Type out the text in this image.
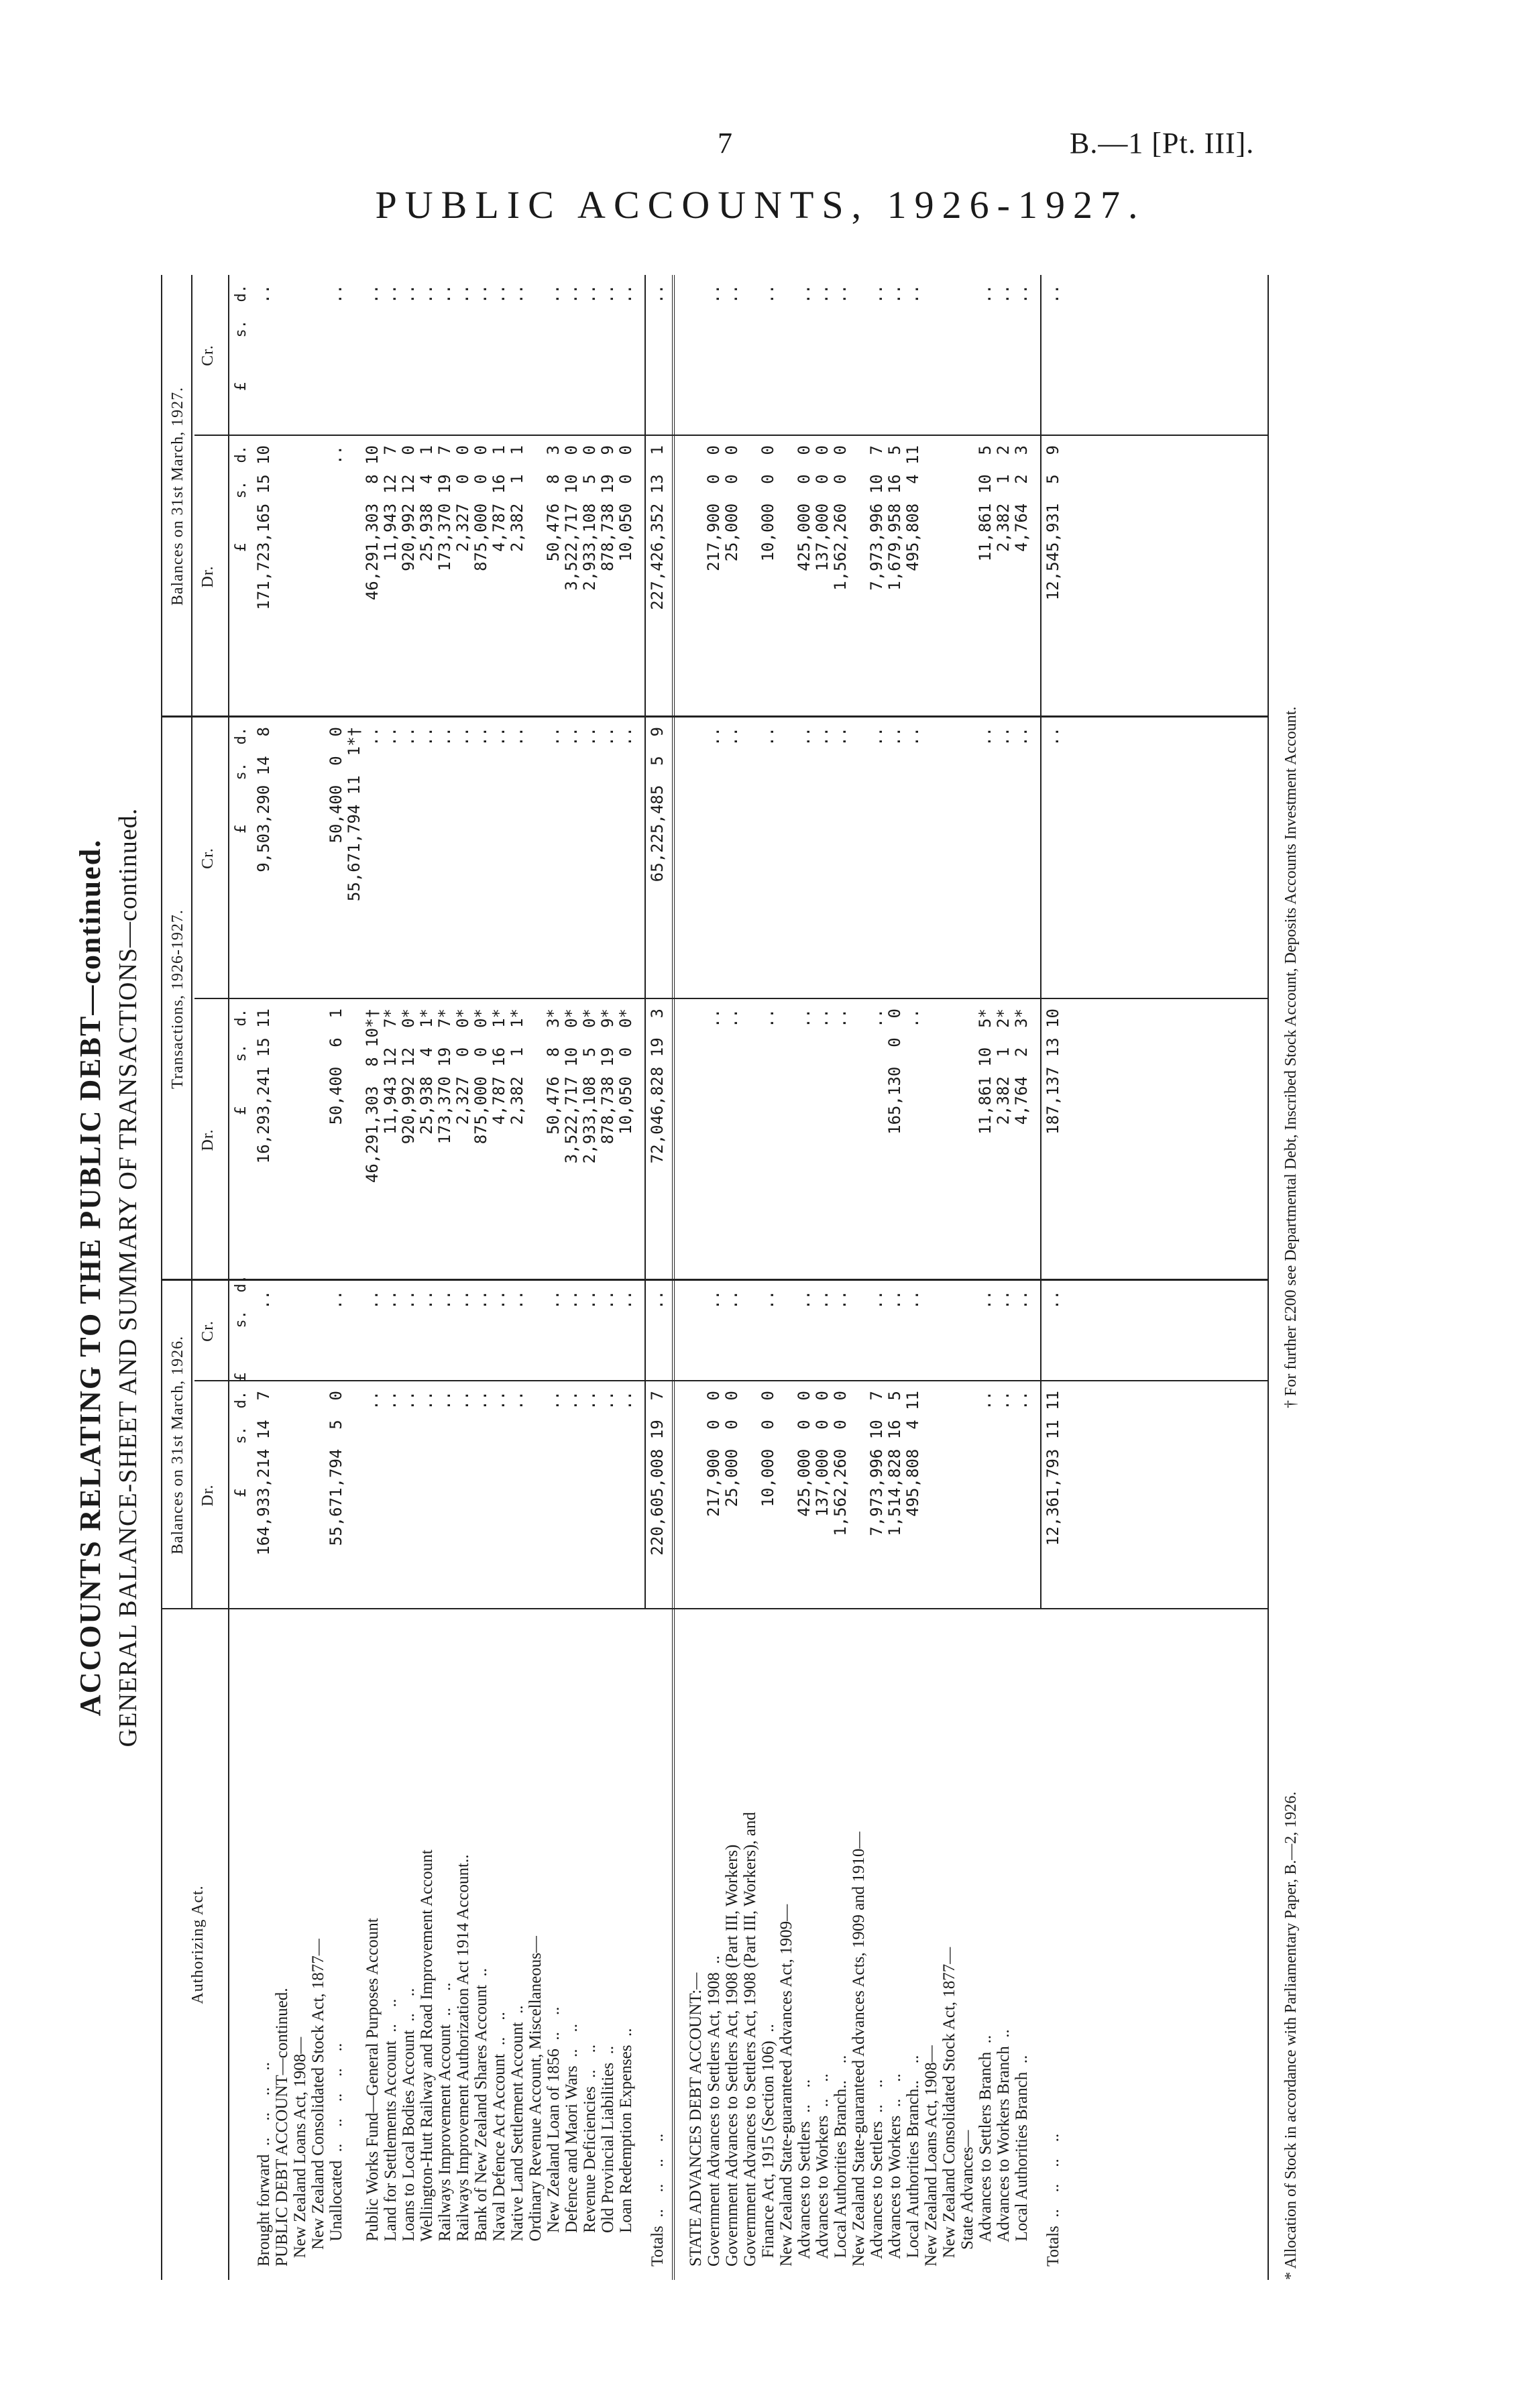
7	B.—1 [Pt. III].
PUBLIC ACCOUNTS, 1926-1927.
ACCOUNTS RELATING TO THE PUBLIC DEBT—continued. GENERAL BALANCE-SHEET AND SUMMARY OF TRANSACTIONS—continued.
Authorizing Act.
Balances on 31st March, 1926.
Transactions, 1926-1927.
Balances on 31st March, 1927.
Dr.
Cr.
Dr.
Cr.
Dr.
Cr.
£     s.  d.
£     s.  d.
£     s.  d.
£     s.  d.
£     s.  d.
£     s.  d.
Brought forward  ..    ..    ..    ..
164,933,214 14  7
..
16,293,241 15 11
9,503,290 14  8
171,723,165 15 10
..
PUBLIC DEBT ACCOUNT—continued. New Zealand Loans Act, 1908— New Zealand Consolidated Stock Act, 1877— Unallocated  ..    ..    ..    ..    ..
55,671,794  5  0
..
50,400  6  1
50,400  0  0
..
..
55,671,794 11  1*†
Public Works Fund—General Purposes Account
..
..
46,291,303  8 10*†
..
46,291,303  8 10
..
Land for Settlements Account  ..    ..
..
..
11,943 12  7*
..
11,943 12  7
..
Loans to Local Bodies Account  ..    ..
..
..
920,992 12  0*
..
920,992 12  0
..
Wellington-Hutt Railway and Road Improvement Account
..
..
25,938  4  1*
..
25,938  4  1
..
Railways Improvement Account  ..    ..
..
..
173,370 19  7*
..
173,370 19  7
..
Railways Improvement Authorization Act 1914 Account..
..
..
2,327  0  0*
..
2,327  0  0
..
Bank of New Zealand Shares Account  ..
..
..
875,000  0  0*
..
875,000  0  0
..
Naval Defence Act Account  ..    ..
..
..
4,787 16  1*
..
4,787 16  1
..
Native Land Settlement Account  ..
..
..
2,382  1  1*
..
2,382  1  1
..
Ordinary Revenue Account, Miscellaneous— New Zealand Loan of 1856  ..    ..
..
..
50,476  8  3*
..
50,476  8  3
..
Defence and Maori Wars  ..    ..
..
..
3,522,717 10  0*
..
3,522,717 10  0
..
Revenue Deficiencies  ..    ..
..
..
2,933,108  5  0*
..
2,933,108  5  0
..
Old Provincial Liabilities  ..
..
..
878,738 19  9*
..
878,738 19  9
..
Loan Redemption Expenses  ..
..
..
10,050  0  0*
..
10,050  0  0
..
Totals  ..    ..    ..    ..
220,605,008 19  7
..
72,046,828 19  3
65,225,485  5  9
227,426,352 13  1
..
STATE ADVANCES DEBT ACCOUNT:— Government Advances to Settlers Act, 1908  ..
217,900  0  0
..
..
..
217,900  0  0
..
Government Advances to Settlers Act, 1908 (Part III, Workers)
25,000  0  0
..
..
..
25,000  0  0
..
Government Advances to Settlers Act, 1908 (Part III, Workers), and Finance Act, 1915 (Section 106)  ..
10,000  0  0
..
..
..
10,000  0  0
..
New Zealand State-guaranteed Advances Act, 1909— Advances to Settlers  ..    ..
425,000  0  0
..
..
..
425,000  0  0
..
Advances to Workers  ..    ..
137,000  0  0
..
..
..
137,000  0  0
..
Local Authorities Branch..    ..
1,562,260  0  0
..
..
..
1,562,260  0  0
..
New Zealand State-guaranteed Advances Acts, 1909 and 1910— Advances to Settlers  ..    ..
7,973,996 10  7
..
..
..
7,973,996 10  7
..
Advances to Workers  ..    ..
1,514,828 16  5
..
165,130  0  0
..
1,679,958 16  5
..
Local Authorities Branch..    ..
495,808  4 11
..
..
..
495,808  4 11
..
New Zealand Loans Act, 1908— New Zealand Consolidated Stock Act, 1877— State Advances— Advances to Settlers Branch  ..
..
..
11,861 10  5*
..
11,861 10  5
..
Advances to Workers Branch  ..
..
..
2,382  1  2*
..
2,382  1  2
..
Local Authorities Branch  ..
..
..
4,764  2  3*
..
4,764  2  3
..
Totals  ..    ..    ..    ..
12,361,793 11 11
..
187,137 13 10
..
12,545,931  5  9
..
* Allocation of Stock in accordance with Parliamentary Paper, B.—2, 1926.
† For further £200 see Departmental Debt, Inscribed Stock Account, Deposits Accounts Investment Account.
